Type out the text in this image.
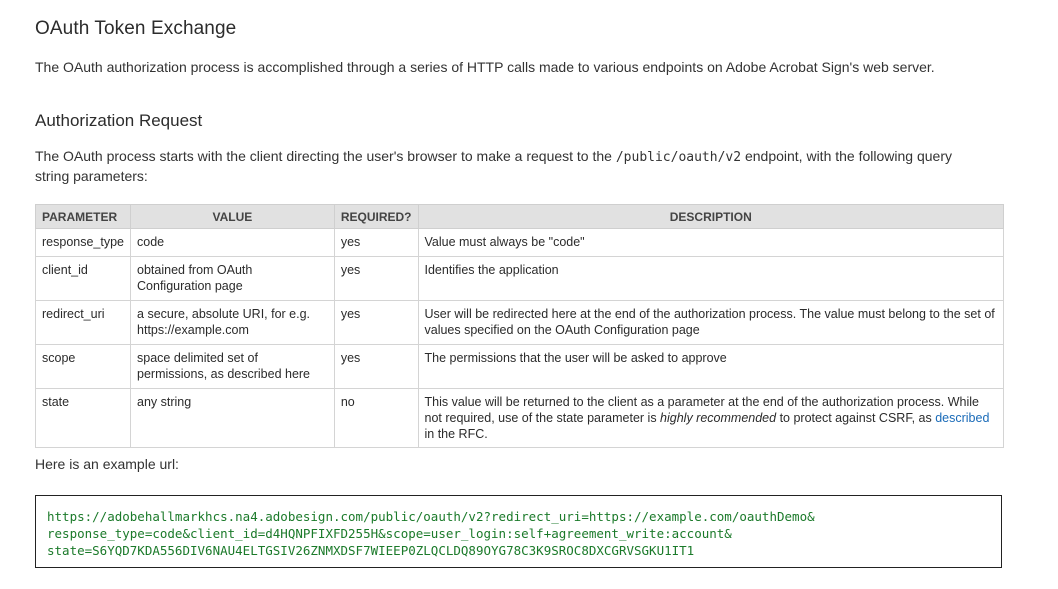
OAuth Token Exchange

The OAuth authorization process is accomplished through a series of HTTP calls made to various endpoints on Adobe Acrobat Sign's web server.

Authorization Request

The OAuth process starts with the client directing the user's browser to make a request to the /public/oauth/v2 endpoint, with the following query string parameters:

PARAMETER	VALUE	REQUIRED?	DESCRIPTION
response_type	code	yes	Value must always be "code"
client_id	obtained from OAuth Configuration page	yes	Identifies the application
redirect_uri	a secure, absolute URI, for e.g. https://example.com	yes	User will be redirected here at the end of the authorization process. The value must belong to the set of values specified on the OAuth Configuration page
scope	space delimited set of permissions, as described here	yes	The permissions that the user will be asked to approve
state	any string	no	This value will be returned to the client as a parameter at the end of the authorization process. While not required, use of the state parameter is highly recommended to protect against CSRF, as described in the RFC.

Here is an example url:

https://adobehallmarkhcs.na4.adobesign.com/public/oauth/v2?redirect_uri=https://example.com/oauthDemo&
response_type=code&client_id=d4HQNPFIXFD255H&scope=user_login:self+agreement_write:account&
state=S6YQD7KDA556DIV6NAU4ELTGSIV26ZNMXDSF7WIEEP0ZLQCLDQ89OYG78C3K9SROC8DXCGRVSGKU1IT1
